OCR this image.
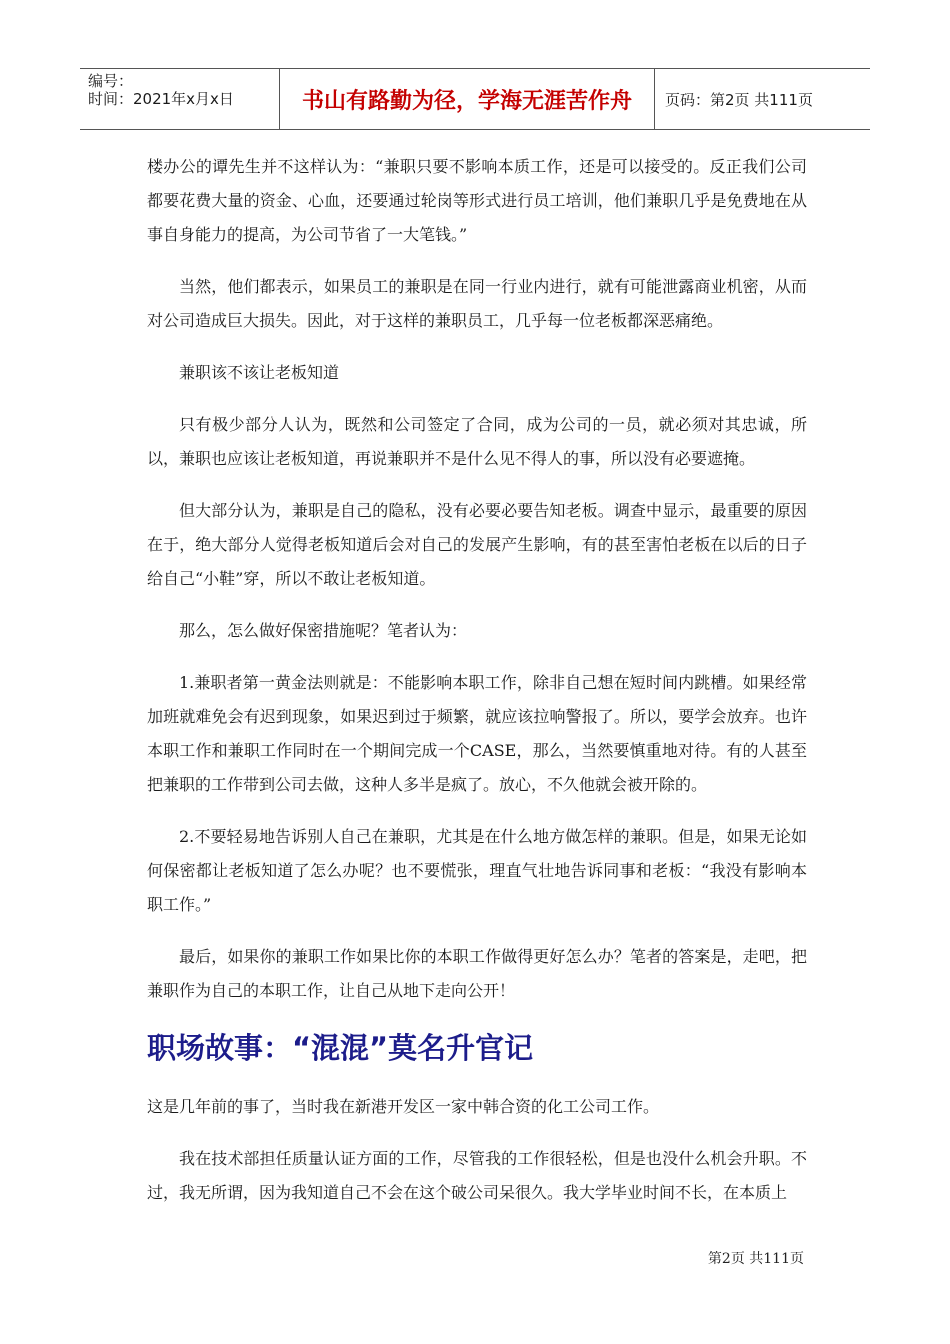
编号：
时间：2021年x月x日	书山有路勤为径，学海无涯苦作舟	页码：第2页 共111页

楼办公的谭先生并不这样认为：“兼职只要不影响本质工作，还是可以接受的。反正我们公司都要花费大量的资金、心血，还要通过轮岗等形式进行员工培训，他们兼职几乎是免费地在从事自身能力的提高，为公司节省了一大笔钱。”

当然，他们都表示，如果员工的兼职是在同一行业内进行，就有可能泄露商业机密，从而对公司造成巨大损失。因此，对于这样的兼职员工，几乎每一位老板都深恶痛绝。

兼职该不该让老板知道

只有极少部分人认为，既然和公司签定了合同，成为公司的一员，就必须对其忠诚，所以，兼职也应该让老板知道，再说兼职并不是什么见不得人的事，所以没有必要遮掩。

但大部分认为，兼职是自己的隐私，没有必要必要告知老板。调查中显示，最重要的原因在于，绝大部分人觉得老板知道后会对自己的发展产生影响，有的甚至害怕老板在以后的日子给自己“小鞋”穿，所以不敢让老板知道。

那么，怎么做好保密措施呢？笔者认为：

1.兼职者第一黄金法则就是：不能影响本职工作，除非自己想在短时间内跳槽。如果经常加班就难免会有迟到现象，如果迟到过于频繁，就应该拉响警报了。所以，要学会放弃。也许本职工作和兼职工作同时在一个期间完成一个CASE，那么，当然要慎重地对待。有的人甚至把兼职的工作带到公司去做，这种人多半是疯了。放心，不久他就会被开除的。

2.不要轻易地告诉别人自己在兼职，尤其是在什么地方做怎样的兼职。但是，如果无论如何保密都让老板知道了怎么办呢？也不要慌张，理直气壮地告诉同事和老板：“我没有影响本职工作。”

最后，如果你的兼职工作如果比你的本职工作做得更好怎么办？笔者的答案是，走吧，把兼职作为自己的本职工作，让自己从地下走向公开！

职场故事：“混混”莫名升官记

这是几年前的事了，当时我在新港开发区一家中韩合资的化工公司工作。

我在技术部担任质量认证方面的工作，尽管我的工作很轻松，但是也没什么机会升职。不过，我无所谓，因为我知道自己不会在这个破公司呆很久。我大学毕业时间不长，在本质上

第2页 共111页
